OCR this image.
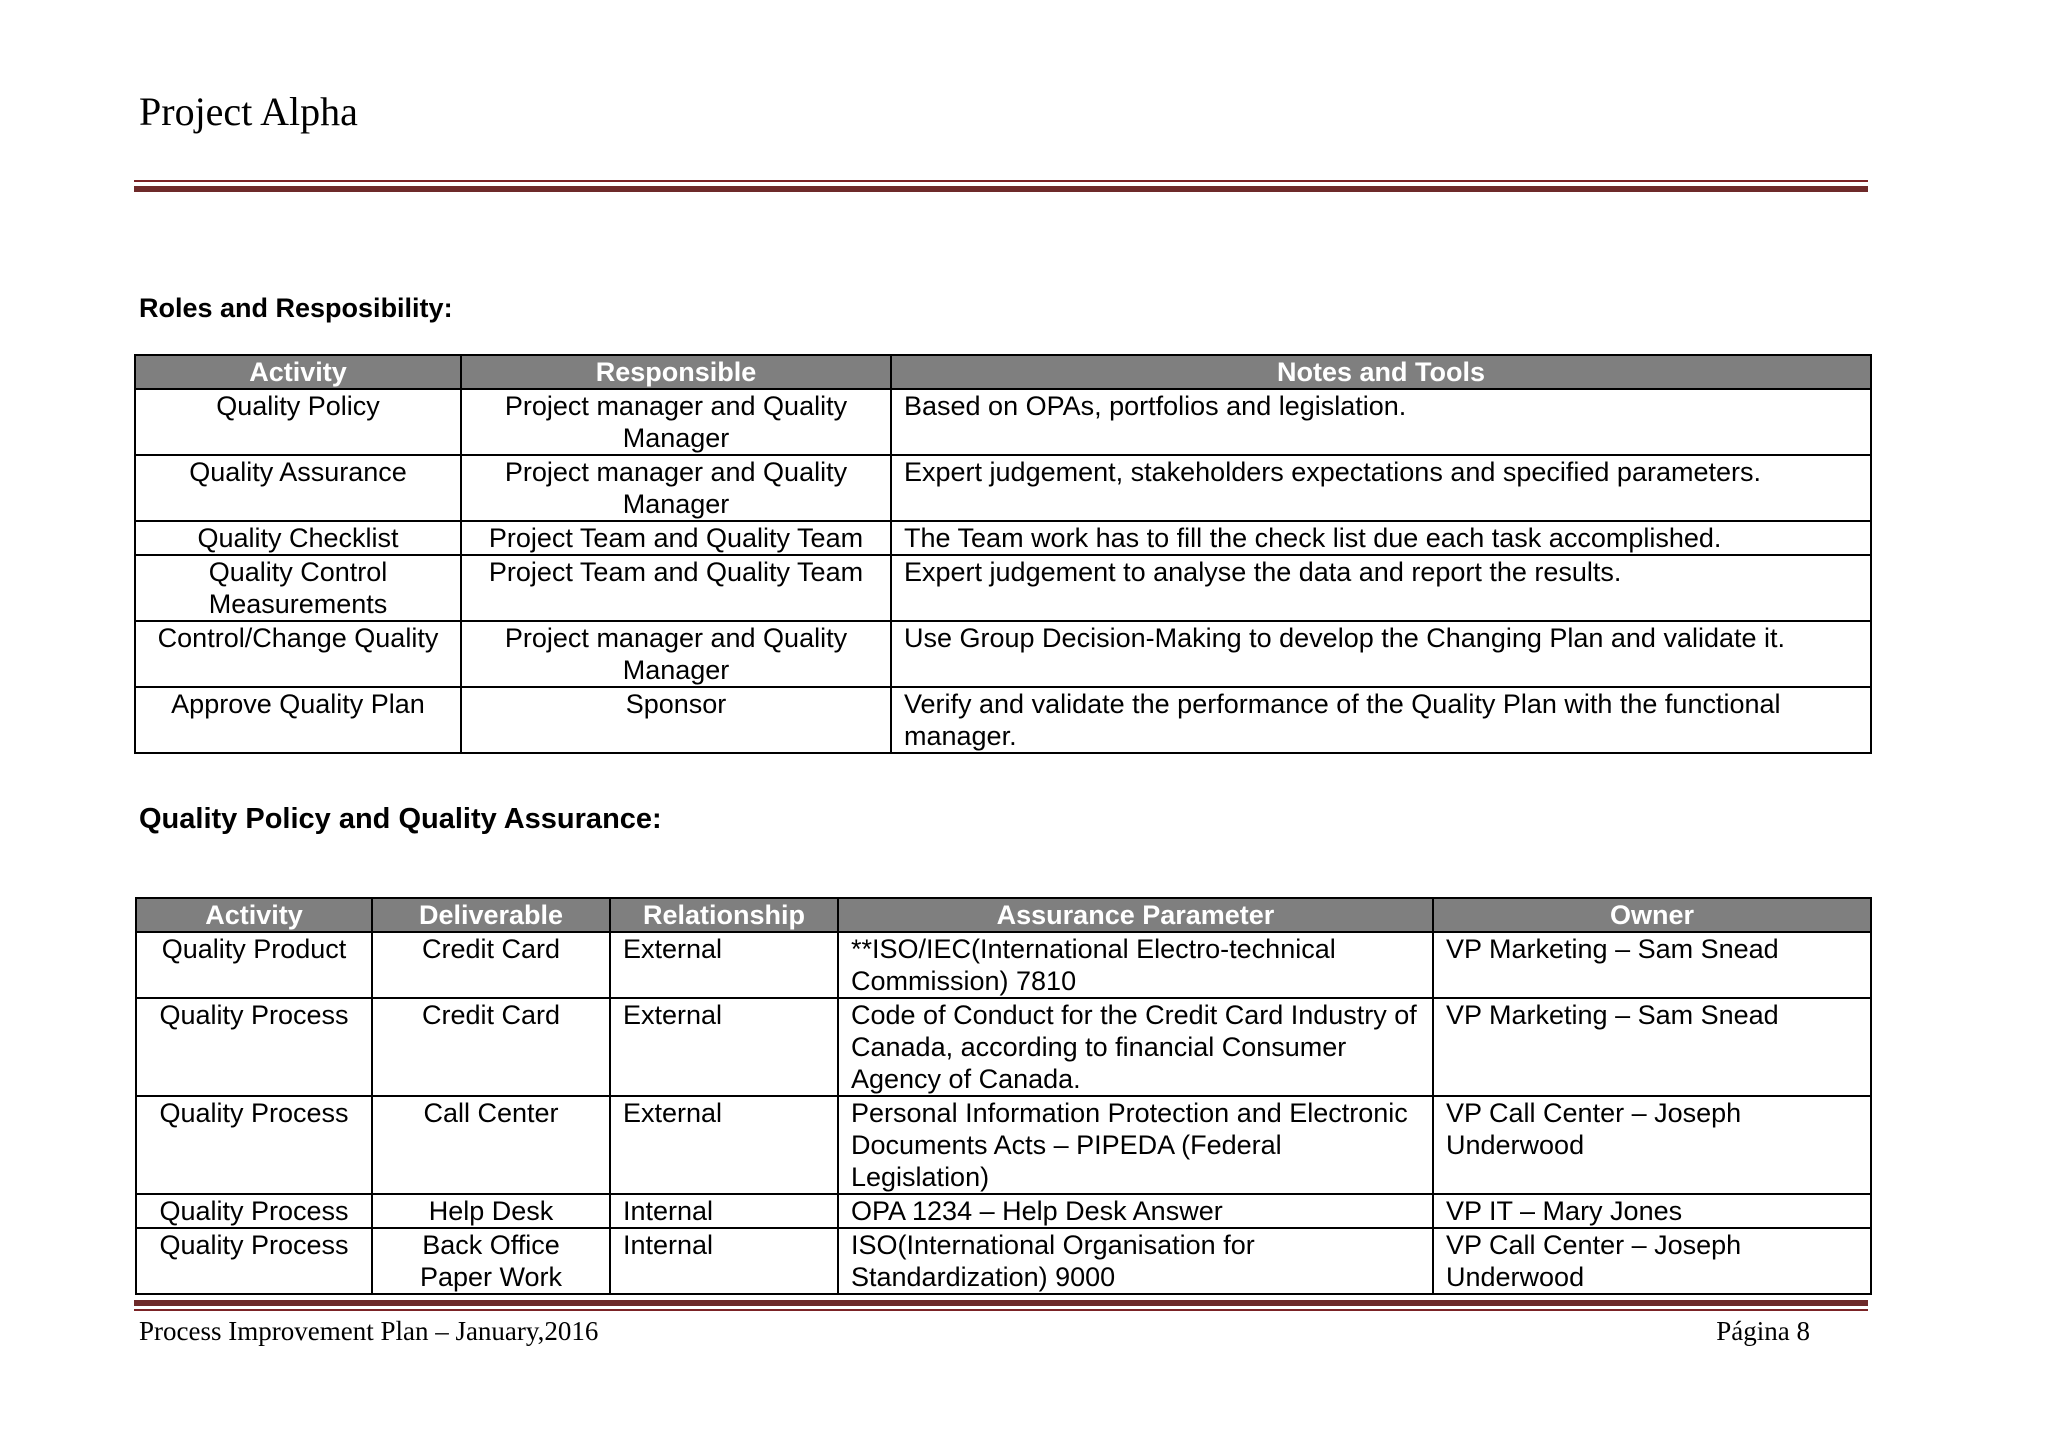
Project Alpha
Roles and Resposibility:
Activity	Responsible	Notes and Tools
Quality Policy	Project manager and Quality Manager	Based on OPAs, portfolios and legislation.
Quality Assurance	Project manager and Quality Manager	Expert judgement, stakeholders expectations and specified parameters.
Quality Checklist	Project Team and Quality Team	The Team work has to fill the check list due each task accomplished.
Quality Control Measurements	Project Team and Quality Team	Expert judgement to analyse the data and report the results.
Control/Change Quality	Project manager and Quality Manager	Use Group Decision-Making to develop the Changing Plan and validate it.
Approve Quality Plan	Sponsor	Verify and validate the performance of the Quality Plan with the functional manager.
Quality Policy and Quality Assurance:
Activity	Deliverable	Relationship	Assurance Parameter	Owner
Quality Product	Credit Card	External	**ISO/IEC(International Electro-technical Commission) 7810	VP Marketing – Sam Snead
Quality Process	Credit Card	External	Code of Conduct for the Credit Card Industry of Canada, according to financial Consumer Agency of Canada.	VP Marketing – Sam Snead
Quality Process	Call Center	External	Personal Information Protection and Electronic Documents Acts – PIPEDA (Federal Legislation)	VP Call Center – Joseph Underwood
Quality Process	Help Desk	Internal	OPA 1234 – Help Desk Answer	VP IT – Mary Jones
Quality Process	Back Office Paper Work	Internal	ISO(International Organisation for Standardization) 9000	VP Call Center – Joseph Underwood
Process Improvement Plan – January,2016	Página 8
